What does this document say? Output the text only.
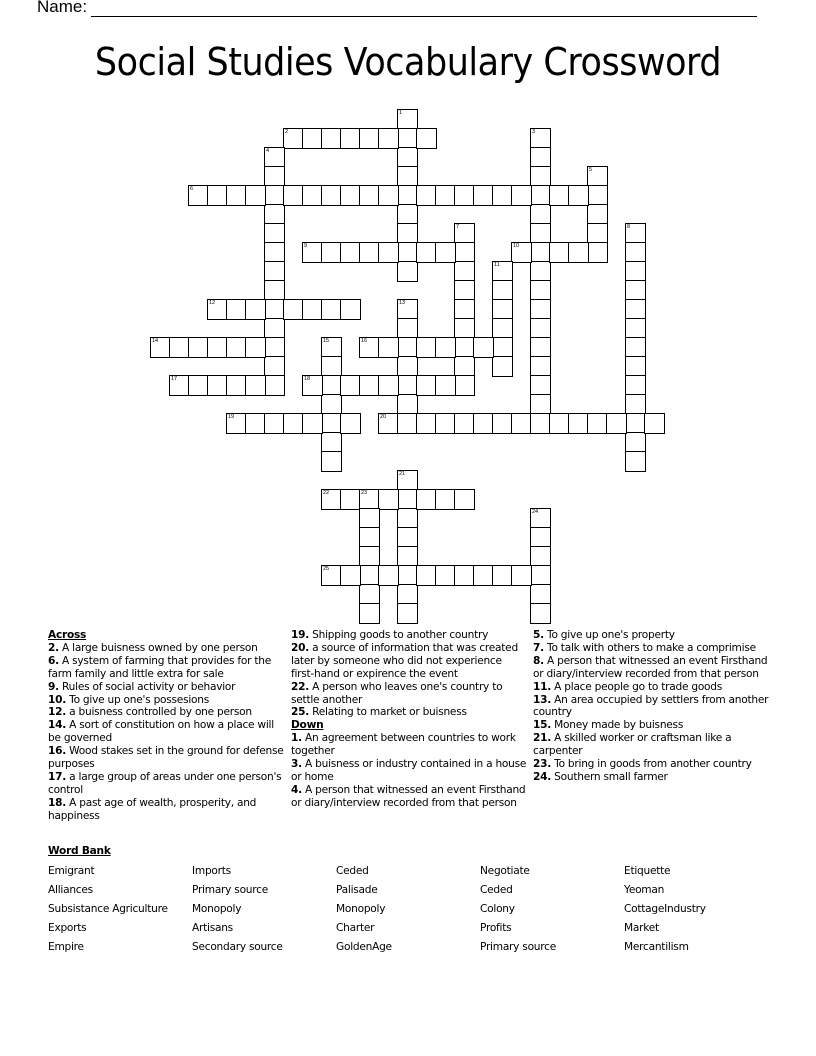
Name:
Social Studies Vocabulary Crossword
1
2	3
4
5
6
7	8
9	10
11
12	13
14	15	16
17	18
19	20
21
22	23
24
25
Across
2. A large buisness owned by one person
6. A system of farming that provides for the farm family and little extra for sale
9. Rules of social activity or behavior
10. To give up one's possesions
12. a buisness controlled by one person
14. A sort of constitution on how a place will be governed
16. Wood stakes set in the ground for defense purposes
17. a large group of areas under one person's control
18. A past age of wealth, prosperity, and happiness
19. Shipping goods to another country
20. a source of information that was created later by someone who did not experience first-hand or expirence the event
22. A person who leaves one's country to settle another
25. Relating to market or buisness
Down
1. An agreement between countries to work together
3. A buisness or industry contained in a house or home
4. A person that witnessed an event Firsthand or diary/interview recorded from that person
5. To give up one's property
7. To talk with others to make a comprimise
8. A person that witnessed an event Firsthand or diary/interview recorded from that person
11. A place people go to trade goods
13. An area occupied by settlers from another country
15. Money made by buisness
21. A skilled worker or craftsman like a carpenter
23. To bring in goods from another country
24. Southern small farmer
Word Bank
Emigrant	Imports	Ceded	Negotiate	Etiquette
Alliances	Primary source	Palisade	Ceded	Yeoman
Subsistance Agriculture	Monopoly	Monopoly	Colony	CottageIndustry
Exports	Artisans	Charter	Profits	Market
Empire	Secondary source	GoldenAge	Primary source	Mercantilism
